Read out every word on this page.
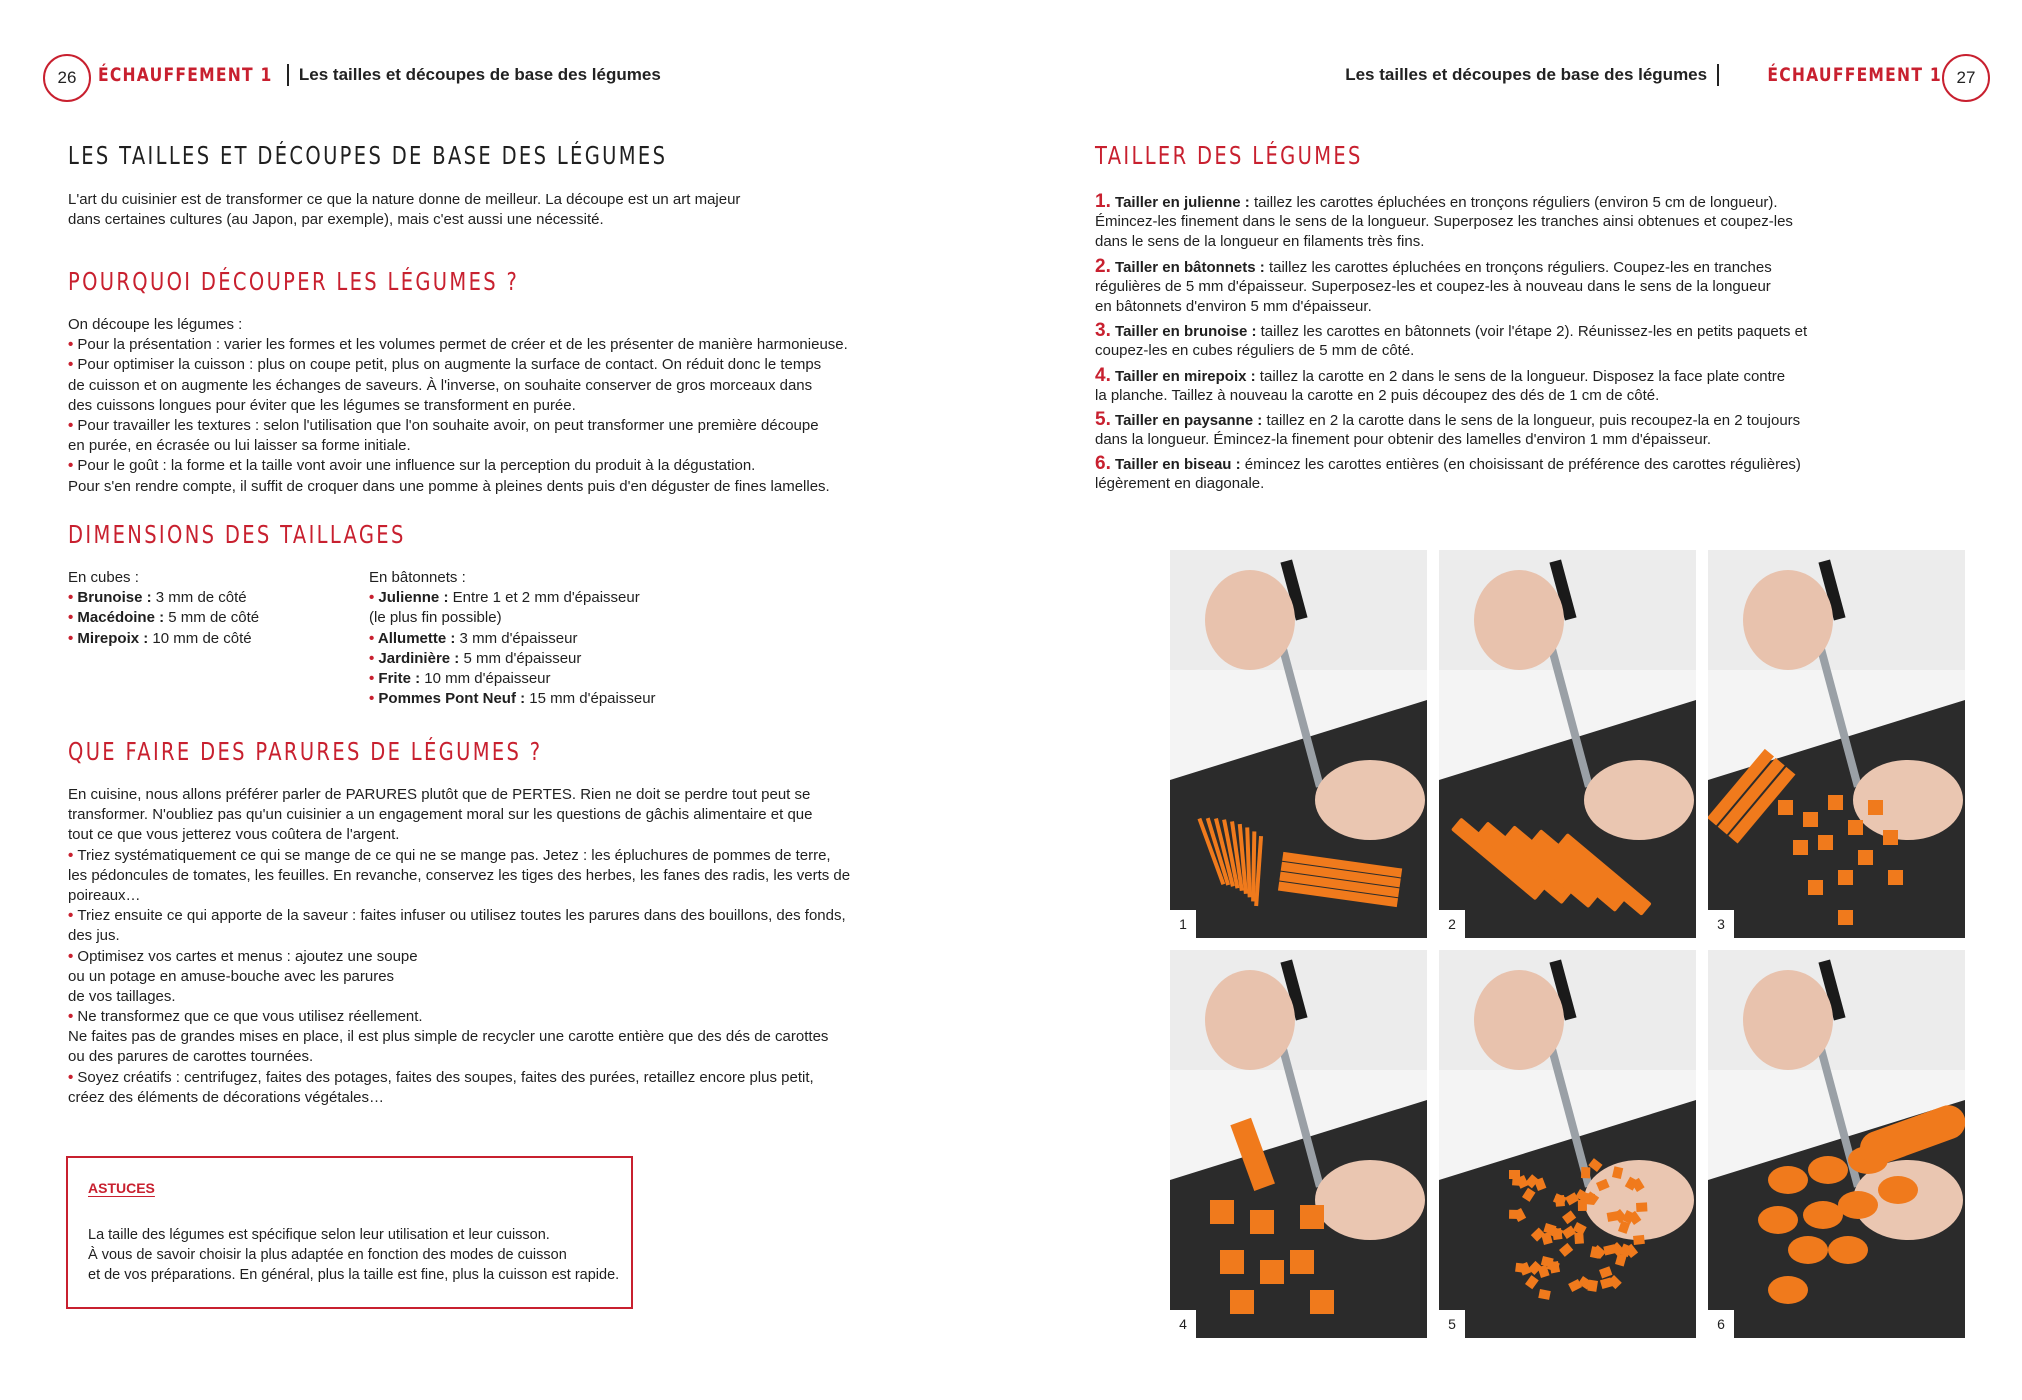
26 ÉCHAUFFEMENT 1 Les tailles et découpes de base des légumes
LES TAILLES ET DÉCOUPES DE BASE DES LÉGUMES
L'art du cuisinier est de transformer ce que la nature donne de meilleur. La découpe est un art majeur
dans certaines cultures (au Japon, par exemple), mais c'est aussi une nécessité.
POURQUOI DÉCOUPER LES LÉGUMES ?
On découpe les légumes :
• Pour la présentation : varier les formes et les volumes permet de créer et de les présenter de manière harmonieuse.
• Pour optimiser la cuisson : plus on coupe petit, plus on augmente la surface de contact. On réduit donc le temps
de cuisson et on augmente les échanges de saveurs. À l'inverse, on souhaite conserver de gros morceaux dans
des cuissons longues pour éviter que les légumes se transforment en purée.
• Pour travailler les textures : selon l'utilisation que l'on souhaite avoir, on peut transformer une première découpe
en purée, en écrasée ou lui laisser sa forme initiale.
• Pour le goût : la forme et la taille vont avoir une influence sur la perception du produit à la dégustation.
Pour s'en rendre compte, il suffit de croquer dans une pomme à pleines dents puis d'en déguster de fines lamelles.
DIMENSIONS DES TAILLAGES
En cubes :
• Brunoise : 3 mm de côté
• Macédoine : 5 mm de côté
• Mirepoix : 10 mm de côté
En bâtonnets :
• Julienne : Entre 1 et 2 mm d'épaisseur
(le plus fin possible)
• Allumette : 3 mm d'épaisseur
• Jardinière : 5 mm d'épaisseur
• Frite : 10 mm d'épaisseur
• Pommes Pont Neuf : 15 mm d'épaisseur
QUE FAIRE DES PARURES DE LÉGUMES ?
En cuisine, nous allons préférer parler de PARURES plutôt que de PERTES. Rien ne doit se perdre tout peut se
transformer. N'oubliez pas qu'un cuisinier a un engagement moral sur les questions de gâchis alimentaire et que
tout ce que vous jetterez vous coûtera de l'argent.
• Triez systématiquement ce qui se mange de ce qui ne se mange pas. Jetez : les épluchures de pommes de terre,
les pédoncules de tomates, les feuilles. En revanche, conservez les tiges des herbes, les fanes des radis, les verts de
poireaux…
• Triez ensuite ce qui apporte de la saveur : faites infuser ou utilisez toutes les parures dans des bouillons, des fonds,
des jus.
• Optimisez vos cartes et menus : ajoutez une soupe
ou un potage en amuse-bouche avec les parures
de vos taillages.
• Ne transformez que ce que vous utilisez réellement.
Ne faites pas de grandes mises en place, il est plus simple de recycler une carotte entière que des dés de carottes
ou des parures de carottes tournées.
• Soyez créatifs : centrifugez, faites des potages, faites des soupes, faites des purées, retaillez encore plus petit,
créez des éléments de décorations végétales…
ASTUCES
La taille des légumes est spécifique selon leur utilisation et leur cuisson.
À vous de savoir choisir la plus adaptée en fonction des modes de cuisson
et de vos préparations. En général, plus la taille est fine, plus la cuisson est rapide.
Les tailles et découpes de base des légumes	ÉCHAUFFEMENT 1 27
TAILLER DES LÉGUMES
1. Tailler en julienne : taillez les carottes épluchées en tronçons réguliers (environ 5 cm de longueur).
Émincez-les finement dans le sens de la longueur. Superposez les tranches ainsi obtenues et coupez-les
dans le sens de la longueur en filaments très fins.
2. Tailler en bâtonnets : taillez les carottes épluchées en tronçons réguliers. Coupez-les en tranches
régulières de 5 mm d'épaisseur. Superposez-les et coupez-les à nouveau dans le sens de la longueur
en bâtonnets d'environ 5 mm d'épaisseur.
3. Tailler en brunoise : taillez les carottes en bâtonnets (voir l'étape 2). Réunissez-les en petits paquets et
coupez-les en cubes réguliers de 5 mm de côté.
4. Tailler en mirepoix : taillez la carotte en 2 dans le sens de la longueur. Disposez la face plate contre
la planche. Taillez à nouveau la carotte en 2 puis découpez des dés de 1 cm de côté.
5. Tailler en paysanne : taillez en 2 la carotte dans le sens de la longueur, puis recoupez-la en 2 toujours
dans la longueur. Émincez-la finement pour obtenir des lamelles d'environ 1 mm d'épaisseur.
6. Tailler en biseau : émincez les carottes entières (en choisissant de préférence des carottes régulières)
légèrement en diagonale.
1	2	3
4	5	6
